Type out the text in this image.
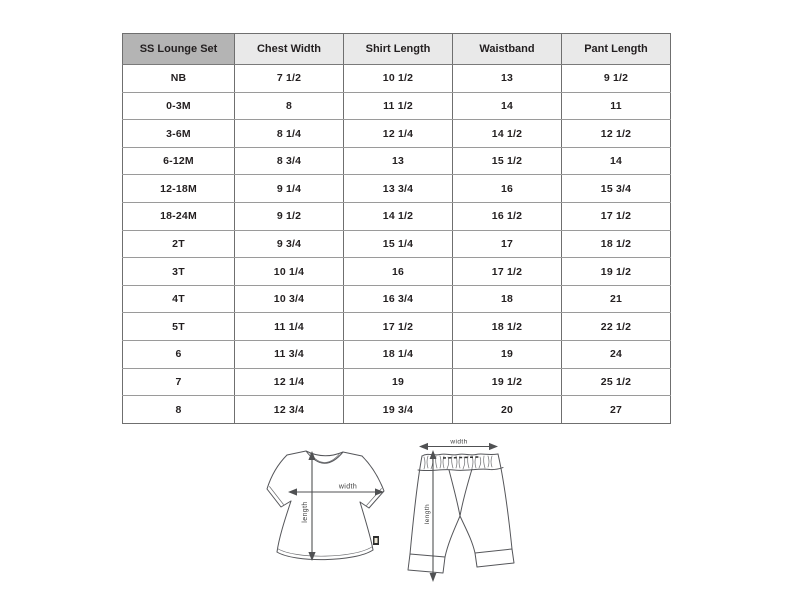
SS Lounge Set	Chest Width	Shirt Length	Waistband	Pant Length
NB	7 1/2	10 1/2	13	9 1/2
0-3M	8	11 1/2	14	11
3-6M	8 1/4	12 1/4	14 1/2	12 1/2
6-12M	8 3/4	13	15 1/2	14
12-18M	9 1/4	13 3/4	16	15 3/4
18-24M	9 1/2	14 1/2	16 1/2	17 1/2
2T	9 3/4	15 1/4	17	18 1/2
3T	10 1/4	16	17 1/2	19 1/2
4T	10 3/4	16 3/4	18	21
5T	11 1/4	17 1/2	18 1/2	22 1/2
6	11 3/4	18 1/4	19	24
7	12 1/4	19	19 1/2	25 1/2
8	12 3/4	19 3/4	20	27
width
length
width
length
